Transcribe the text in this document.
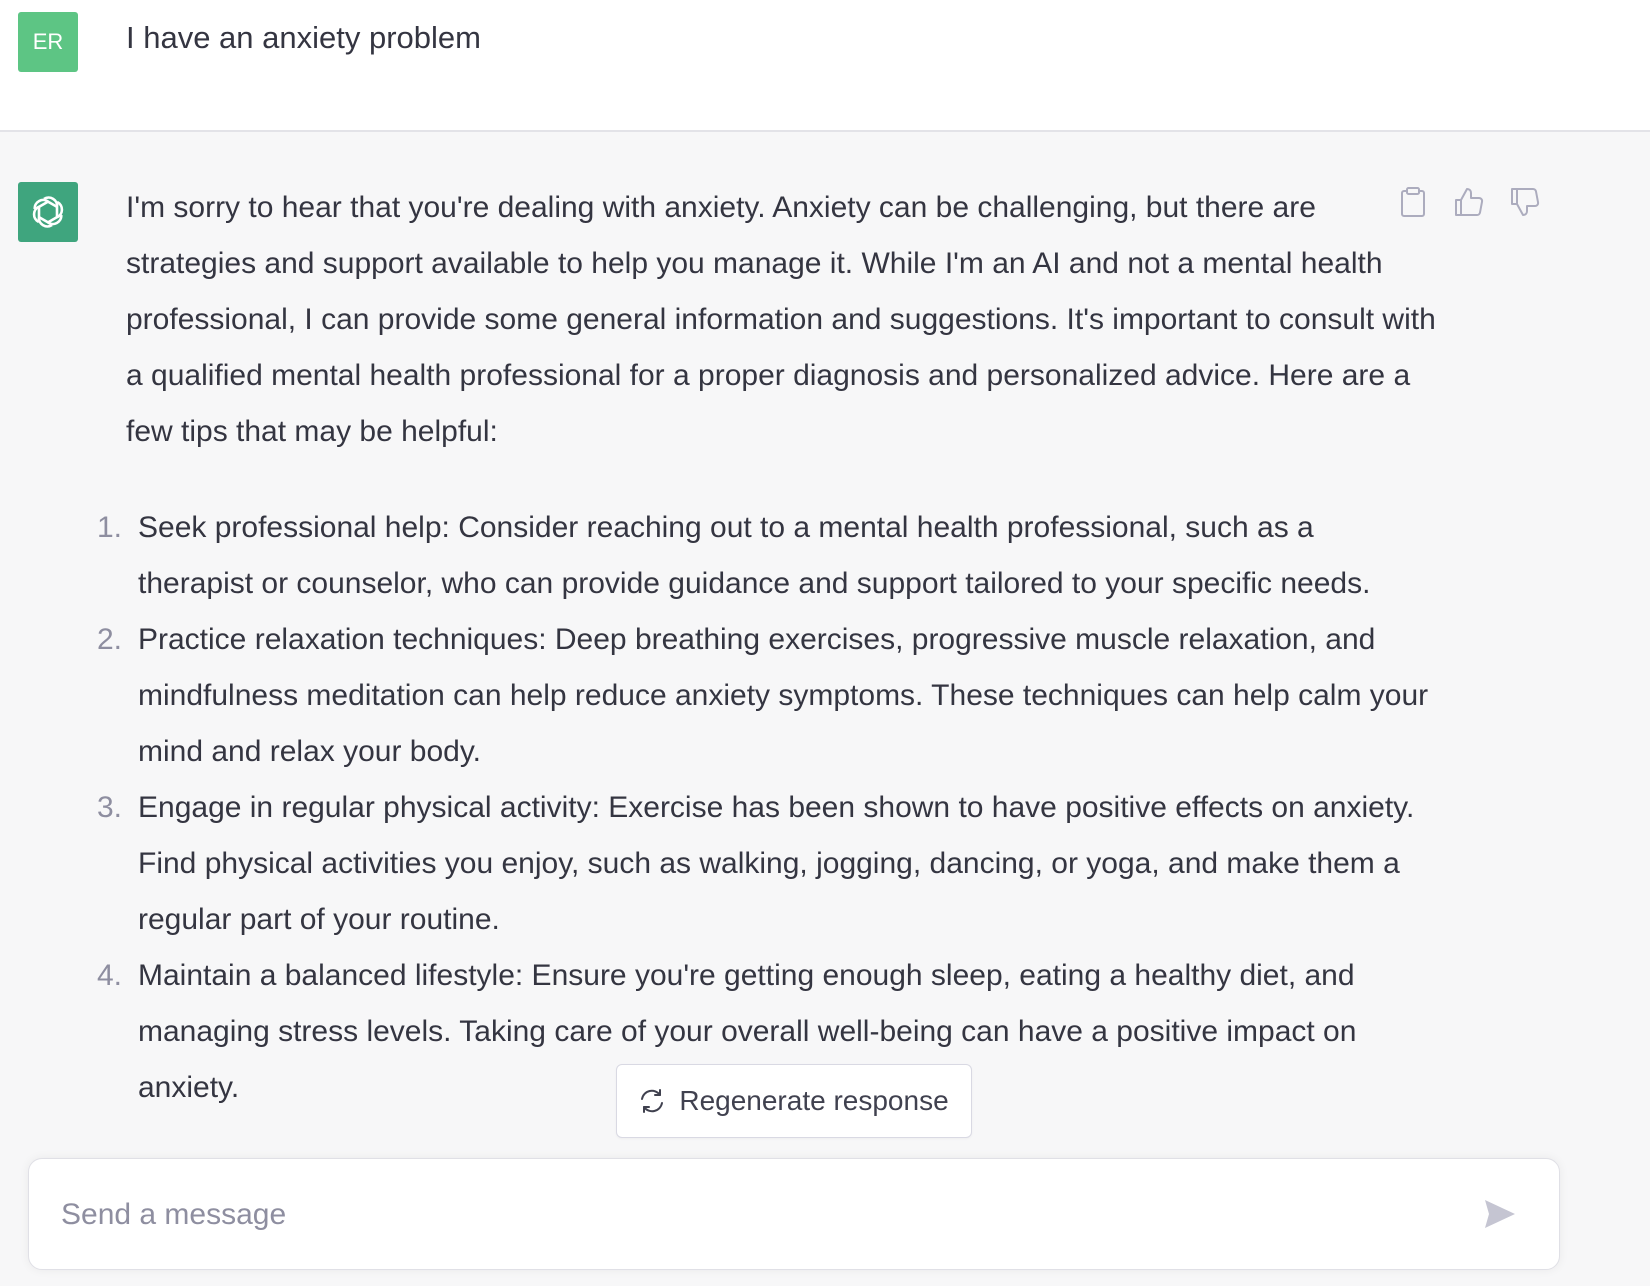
ER	I have an anxiety problem

I'm sorry to hear that you're dealing with anxiety. Anxiety can be challenging, but there are strategies and support available to help you manage it. While I'm an AI and not a mental health professional, I can provide some general information and suggestions. It's important to consult with a qualified mental health professional for a proper diagnosis and personalized advice. Here are a few tips that may be helpful:

1. Seek professional help: Consider reaching out to a mental health professional, such as a therapist or counselor, who can provide guidance and support tailored to your specific needs.
2. Practice relaxation techniques: Deep breathing exercises, progressive muscle relaxation, and mindfulness meditation can help reduce anxiety symptoms. These techniques can help calm your mind and relax your body.
3. Engage in regular physical activity: Exercise has been shown to have positive effects on anxiety. Find physical activities you enjoy, such as walking, jogging, dancing, or yoga, and make them a regular part of your routine.
4. Maintain a balanced lifestyle: Ensure you're getting enough sleep, eating a healthy diet, and managing stress levels. Taking care of your overall well-being can have a positive impact on anxiety.	Regenerate response
Send a message
